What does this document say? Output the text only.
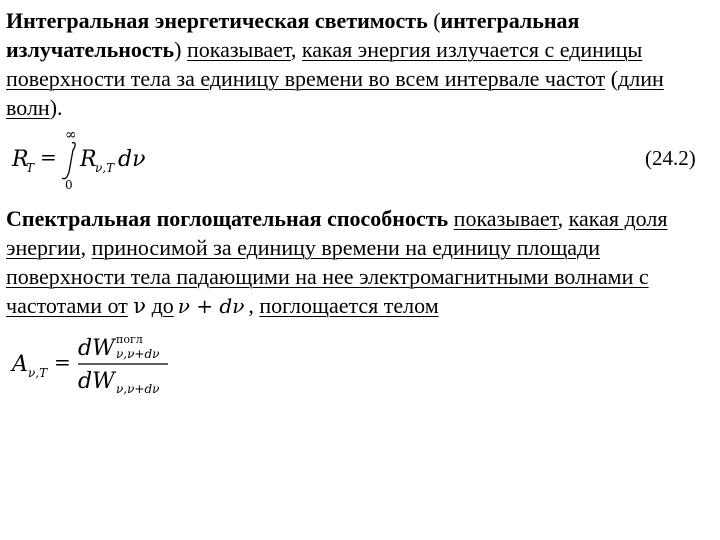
Интегральная энергетическая светимость (интегральная излучательность) показывает, какая энергия излучается с единицы поверхности тела за единицу времени во всем интервале частот (длин волн).
R
T =
∞
0
R
ν,T dν	(24.2)
Спектральная поглощательная способность показывает, какая доля энергии, приносимой за единицу времени на единицу площади поверхности тела падающими на нее электромагнитными волнами с частотами от ν до ν + dν , поглощается телом
A ν,T =
dW погл
ν,ν+dν
dW ν,ν+dν
